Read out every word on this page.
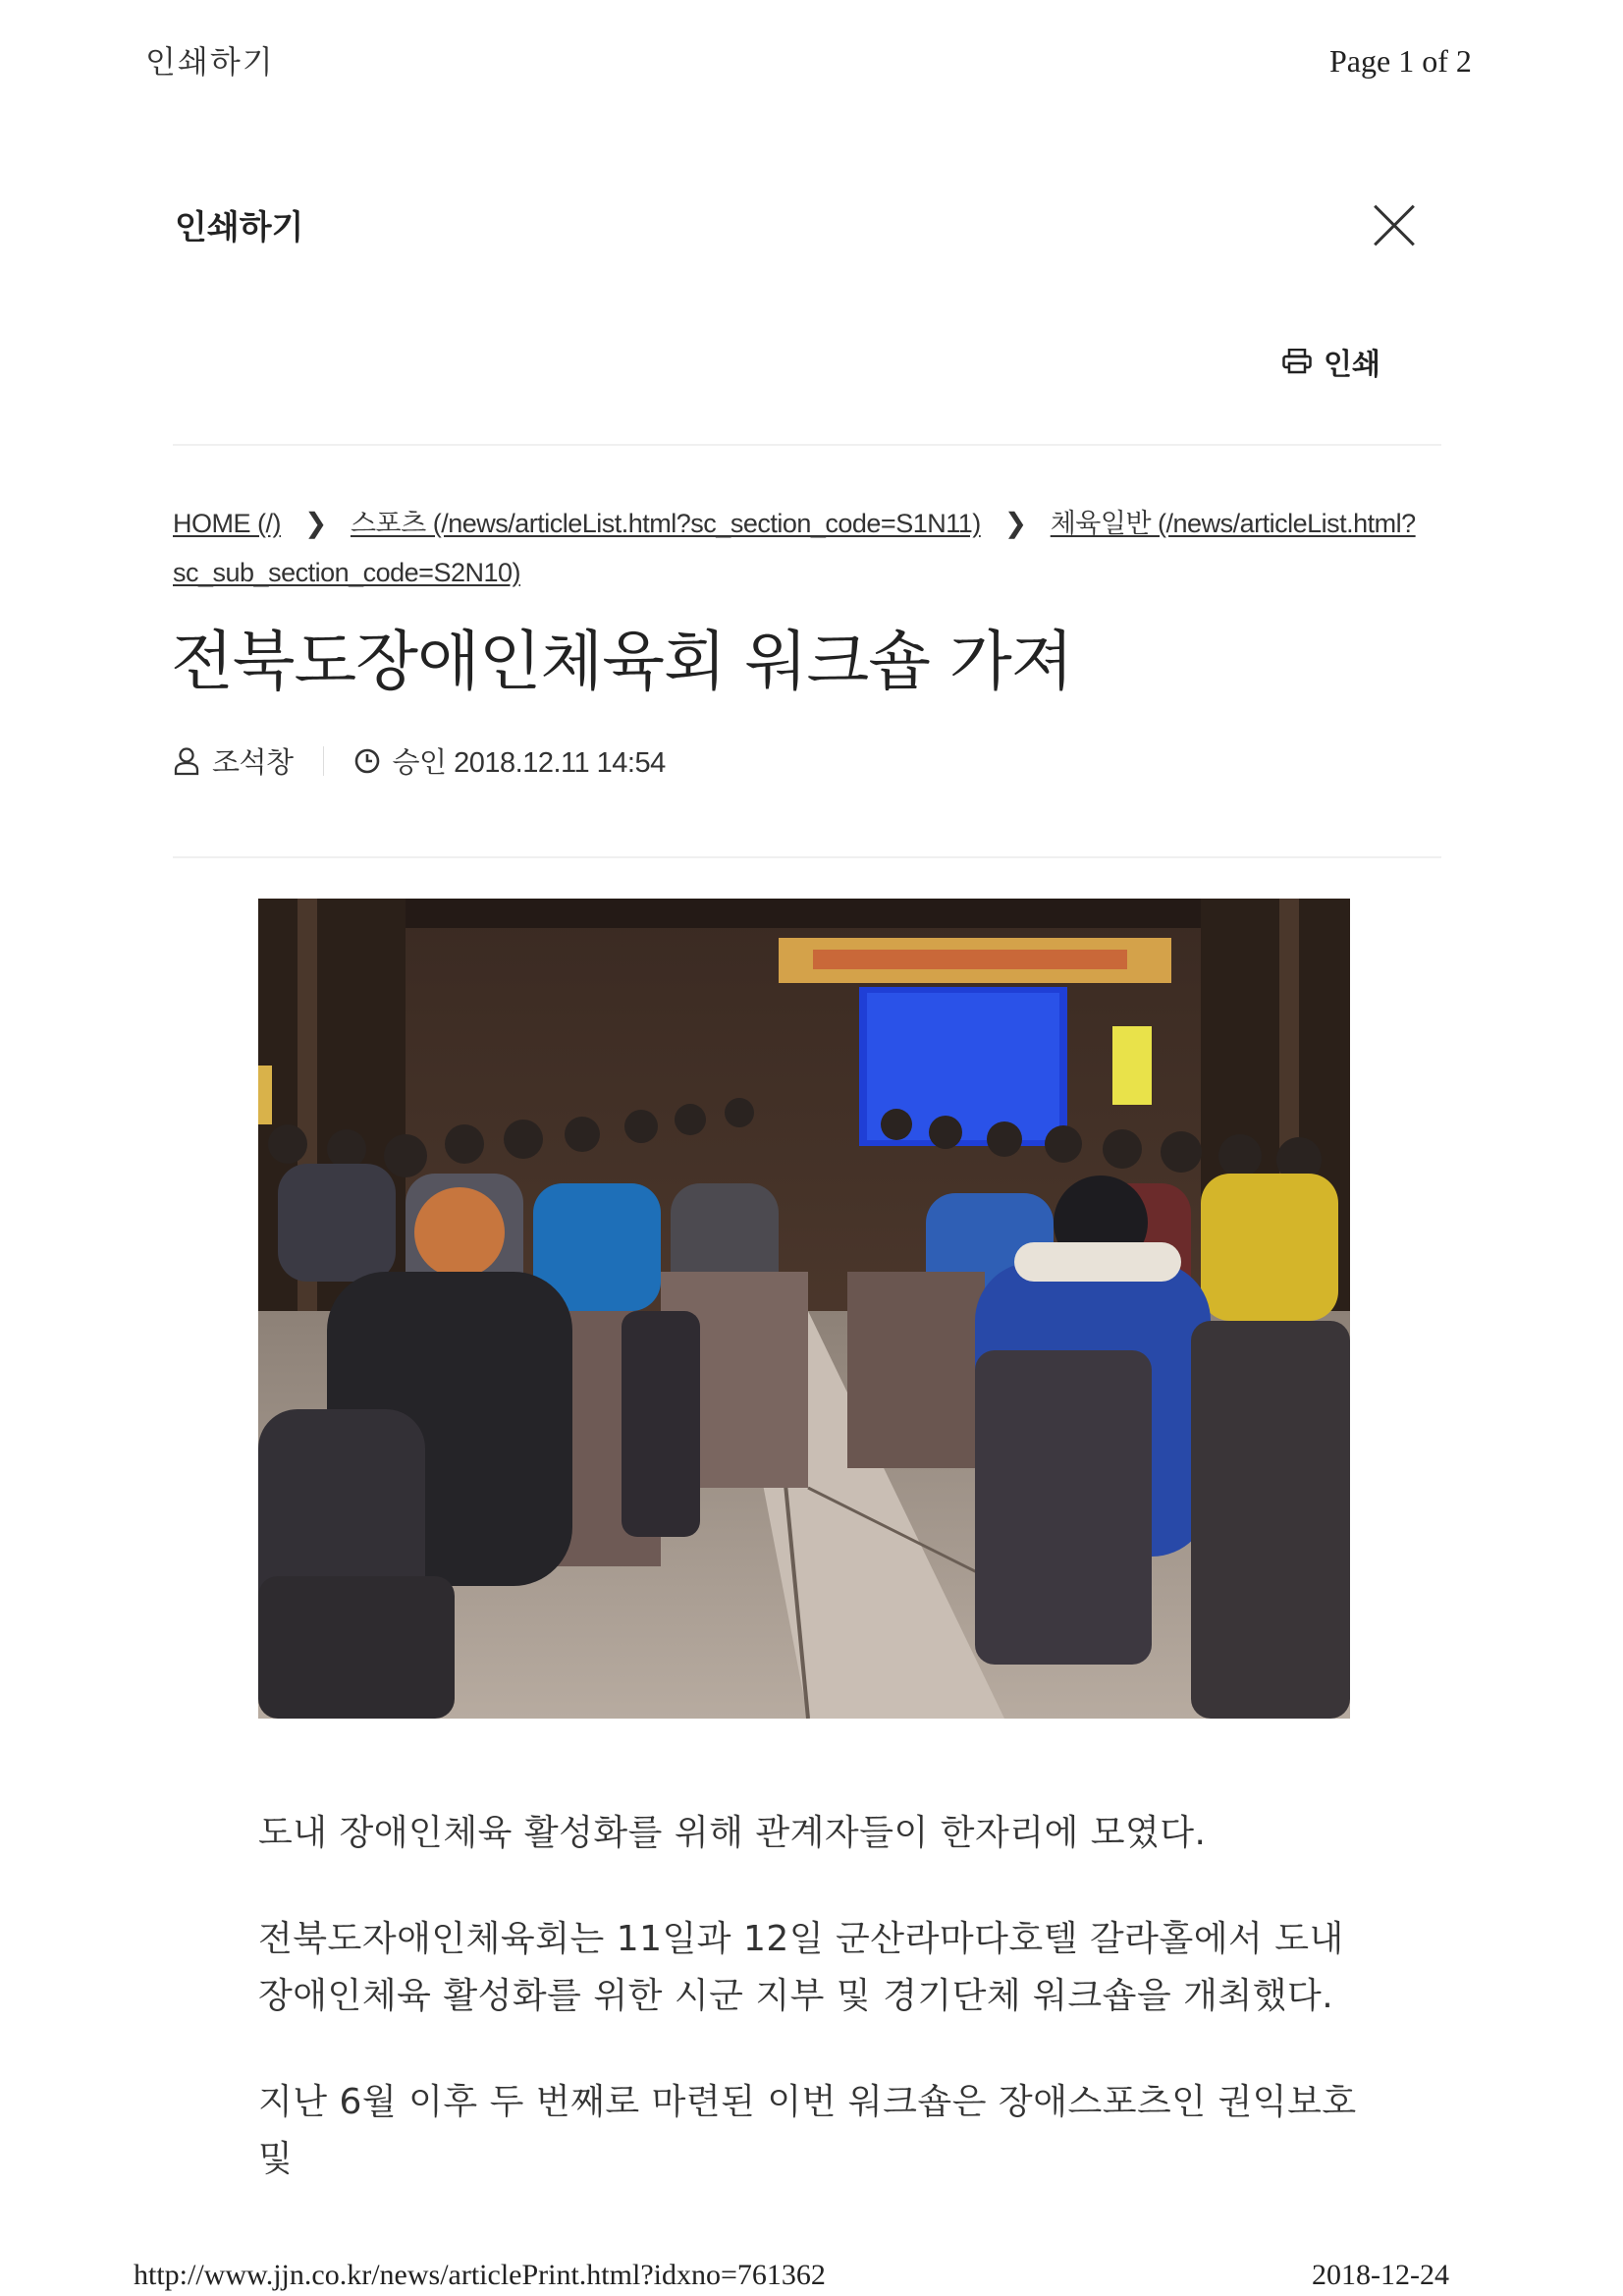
인쇄하기	Page 1 of 2
인쇄하기
인쇄
HOME (/) ❯ 스포츠 (/news/articleList.html?sc_section_code=S1N11) ❯ 체육일반 (/news/articleList.html?sc_sub_section_code=S2N10)
전북도장애인체육회 워크숍 가져
조석창	승인 2018.12.11 14:54
도내 장애인체육 활성화를 위해 관계자들이 한자리에 모였다.
전북도자애인체육회는 11일과 12일 군산라마다호텔 갈라홀에서 도내 장애인체육 활성화를 위한 시군 지부 및 경기단체 워크숍을 개최했다.
지난 6월 이후 두 번째로 마련된 이번 워크숍은 장애스포츠인 권익보호 및
http://www.jjn.co.kr/news/articlePrint.html?idxno=761362	2018-12-24
